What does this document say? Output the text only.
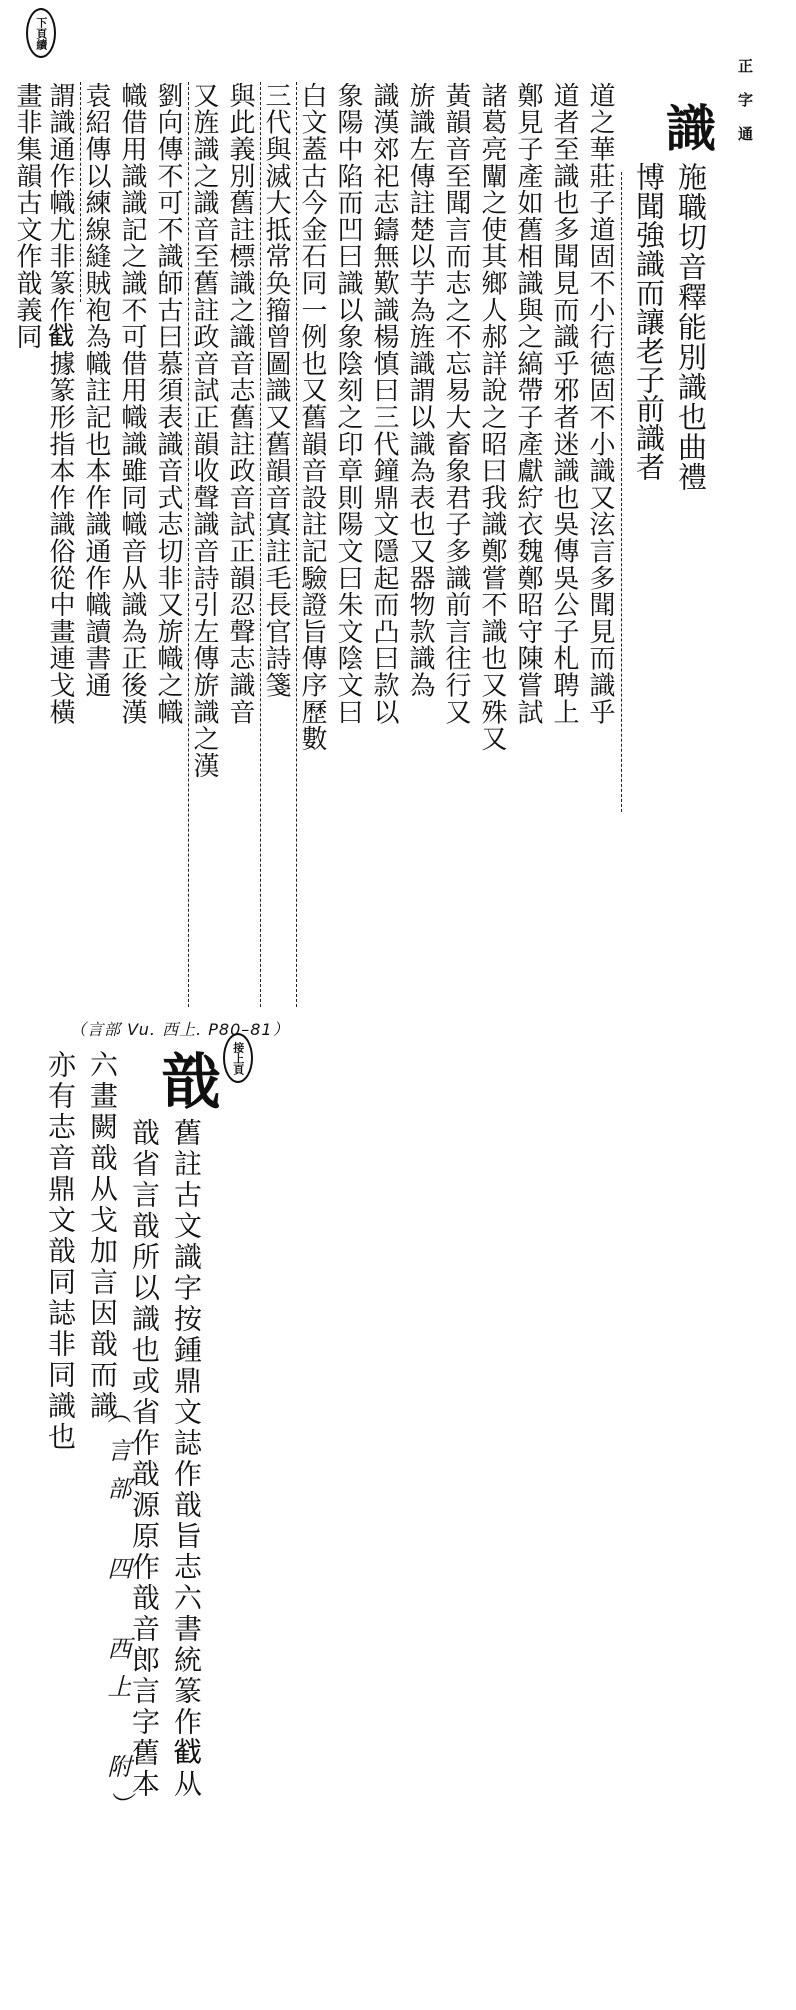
正字通
下頁續
接上頁
識
施職切音釋能別識也曲禮
博聞強識而讓老子前識者
道之華莊子道固不小行德固不小識又泫言多聞見而識乎
道者至識也多聞見而識乎邪者迷識也吳傳吳公子札聘上
鄭見子產如舊相識與之縞帶子產獻紵衣魏鄭昭守陳嘗試
諸葛亮闡之使其鄉人郝詳說之昭曰我識鄭嘗不識也又殊又
黃韻音至聞言而志之不忘易大畜象君子多識前言往行又
旂識左傳註楚以芋為旌識謂以識為表也又器物款識為
識漢郊祀志鑄無歎識楊慎曰三代鐘鼎文隱起而凸曰款以
象陽中陷而凹曰識以象陰刻之印章則陽文曰朱文陰文曰
白文蓋古今金石同一例也又舊韻音設註記驗證旨傳序歷數
三代與滅大抵常奂籀曾圖識又舊韻音寘註毛長官詩箋
與此義別舊註標識之識音志舊註政音試正韻忍聲志識音
又旌識之識音至舊註政音試正韻收聲識音詩引左傳旂識之漢
劉向傳不可不識師古曰慕須表識音式志切非又旂幟之幟
幟借用識識記之識不可借用幟識雖同幟音从識為正後漢
袁紹傳以練線縫賊袍為幟註記也本作識通作幟讀書通
謂識通作幟尤非篆作𢧵據篆形指本作識俗從中畫連戈橫
畫非集韻古文作戠義同
（言部 Vu. 西上. P80–81）
戠
舊註古文識字按鍾鼎文誌作戠旨志六書統篆作𢧵从
戠省言戠所以識也或省作戠源原作戠音郎言字舊本
六畫闕戠从戈加言因戠而識
亦有志音鼎文戠同誌非同識也
（言部 四 西上 附）
